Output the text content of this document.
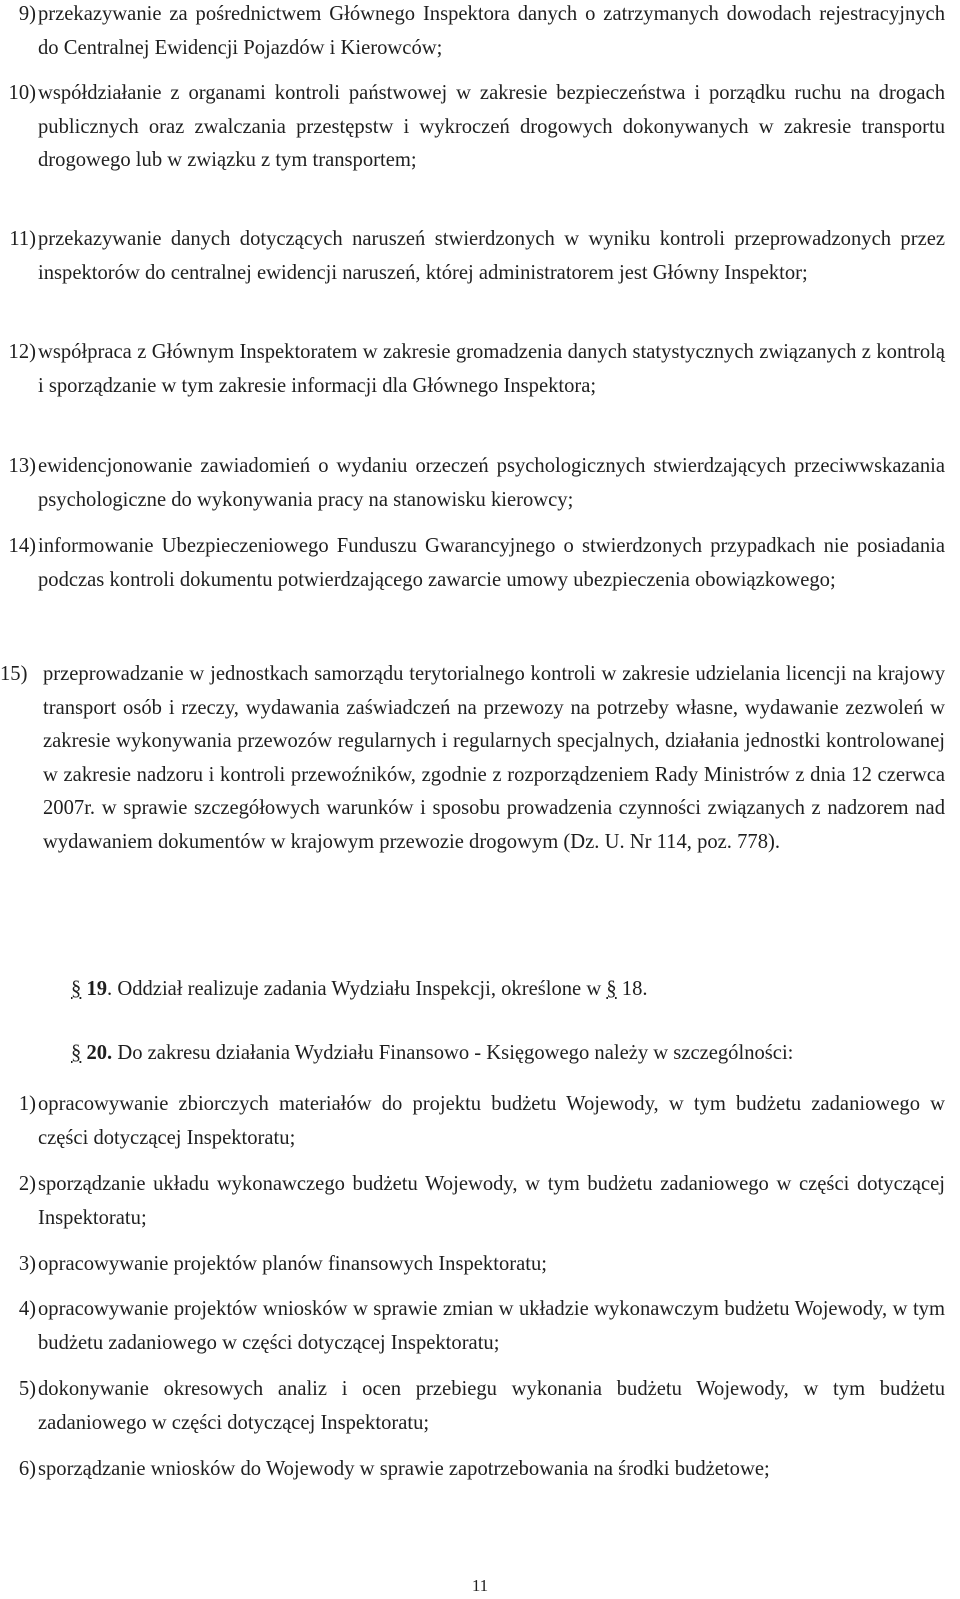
9) przekazywanie za pośrednictwem Głównego Inspektora danych o zatrzymanych dowodach rejestracyjnych do Centralnej Ewidencji Pojazdów i Kierowców;
10) współdziałanie z organami kontroli państwowej w zakresie bezpieczeństwa i porządku ruchu na drogach publicznych oraz zwalczania przestępstw i wykroczeń drogowych dokonywanych w zakresie transportu drogowego lub w związku z tym transportem;
11) przekazywanie danych dotyczących naruszeń stwierdzonych w wyniku kontroli przeprowadzonych przez inspektorów do centralnej ewidencji naruszeń, której administratorem jest Główny Inspektor;
12) współpraca z Głównym Inspektoratem w zakresie gromadzenia danych statystycznych związanych z kontrolą i sporządzanie w tym zakresie informacji dla Głównego Inspektora;
13) ewidencjonowanie zawiadomień o wydaniu orzeczeń psychologicznych stwierdzających przeciwwskazania psychologiczne do wykonywania pracy na stanowisku kierowcy;
14) informowanie Ubezpieczeniowego Funduszu Gwarancyjnego o stwierdzonych przypadkach nie posiadania podczas kontroli dokumentu potwierdzającego zawarcie umowy ubezpieczenia obowiązkowego;
15) przeprowadzanie w jednostkach samorządu terytorialnego kontroli w zakresie udzielania licencji na krajowy transport osób i rzeczy, wydawania zaświadczeń na przewozy na potrzeby własne, wydawanie zezwoleń w zakresie wykonywania przewozów regularnych i regularnych specjalnych, działania jednostki kontrolowanej w zakresie nadzoru i kontroli przewoźników, zgodnie z rozporządzeniem Rady Ministrów z dnia 12 czerwca 2007r. w sprawie szczegółowych warunków i sposobu prowadzenia czynności związanych z nadzorem nad wydawaniem dokumentów w krajowym przewozie drogowym (Dz. U. Nr 114, poz. 778).
§ 19. Oddział realizuje zadania Wydziału Inspekcji, określone w § 18.
§ 20. Do zakresu działania Wydziału Finansowo - Księgowego należy w szczególności:
1) opracowywanie zbiorczych materiałów do projektu budżetu Wojewody, w tym budżetu zadaniowego w części dotyczącej Inspektoratu;
2) sporządzanie układu wykonawczego budżetu Wojewody, w tym budżetu zadaniowego w części dotyczącej Inspektoratu;
3) opracowywanie projektów planów finansowych Inspektoratu;
4) opracowywanie projektów wniosków w sprawie zmian w układzie wykonawczym budżetu Wojewody, w tym budżetu zadaniowego w części dotyczącej Inspektoratu;
5) dokonywanie okresowych analiz i ocen przebiegu wykonania budżetu Wojewody, w tym budżetu zadaniowego w części dotyczącej Inspektoratu;
6) sporządzanie wniosków do Wojewody w sprawie zapotrzebowania na środki budżetowe;
11
